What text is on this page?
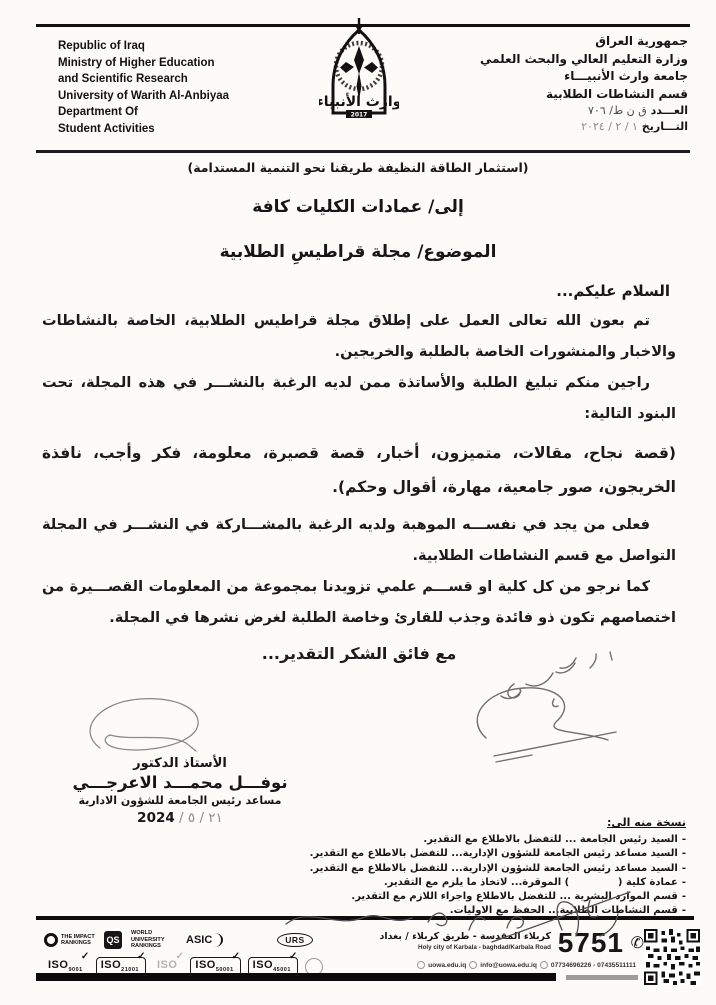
Republic of Iraq
Ministry of Higher Education
and Scientific Research
University of Warith Al-Anbiyaa
Department Of
Student Activities
وارث الأنبياء
2017
جمهورية العراق
وزارة التعليم العالي والبحث العلمي
جامعة وارث الأنبيـــاء
قسم النشاطات الطلابية
العـــدد ق ن ط/ ٧٠٦
التـــاريخ ١ / ٢ / ٢٠٢٤
(استثمار الطاقة النظيفة طريقنا نحو التنمية المستدامة)
إلى/ عمادات الكليات كافة
الموضوع/ مجلة قراطيسِ الطلابية
السلام عليكم...

تم بعون الله تعالى العمل على إطلاق مجلة قراطيس الطلابية، الخاصة بالنشاطات والاخبار والمنشورات الخاصة بالطلبة والخريجين.

راجين منكم تبليغ الطلبة والأساتذة ممن لديه الرغبة بالنشـــر في هذه المجلة، تحت البنود التالية:

(قصة نجاح، مقالات، متميزون، أخبار، قصة قصيرة، معلومة، فكر وأجب، نافذة الخريجون، صور جامعية، مهارة، أقوال وحكم).

فعلى من يجد في نفســـه الموهبة ولديه الرغبة بالمشـــاركة في النشـــر في المجلة التواصل مع قسم النشاطات الطلابية.

كما نرجو من كل كلية او قســـم علمي تزويدنا بمجموعة من المعلومات القصـــيرة من اختصاصهم تكون ذو فائدة وجذب للقارئ وخاصة الطلبة لغرض نشرها في المجلة.

مع فائق الشكر التقدير...
الأستاذ الدكتور
نوفـــل محمـــد الاعرجـــي
مساعد رئيس الجامعة للشؤون الادارية
٢١ / ٥ / 2024	نسخة منه الى:
-السيد رئيس الجامعة ... للتفضل بالاطلاع مع التقدير.
-السيد مساعد رئيس الجامعة للشؤون الإدارية... للتفضل بالاطلاع مع التقدير.
-السيد مساعد رئيس الجامعة للشؤون الإدارية... للتفضل بالاطلاع مع التقدير.
-عمادة كلية (              ) الموقرة... لاتخاذ ما يلزم مع التقدير.
-قسم الموارد البشرية ... للتفضل بالاطلاع واجراء اللازم مع التقدير.
-قسم النشاطات الطلابية... الحفظ مع الاوليات.
THE IMPACT RANKINGS	QS
WORLD UNIVERSITY RANKINGS
ASIC	URS
✓
$ISO_{9001}$
✓
$ISO_{21001}$
✓
ISO
✓
$ISO_{50001}$
✓
$ISO_{45001}$
كربلاء المقدسة - طريق كربلاء / بغداد
Holy city of Karbala - baghdad/Karbala Road 5751 ✆
uowa.edu.iq info@uowa.edu.iq 07734696226 - 07435511111
